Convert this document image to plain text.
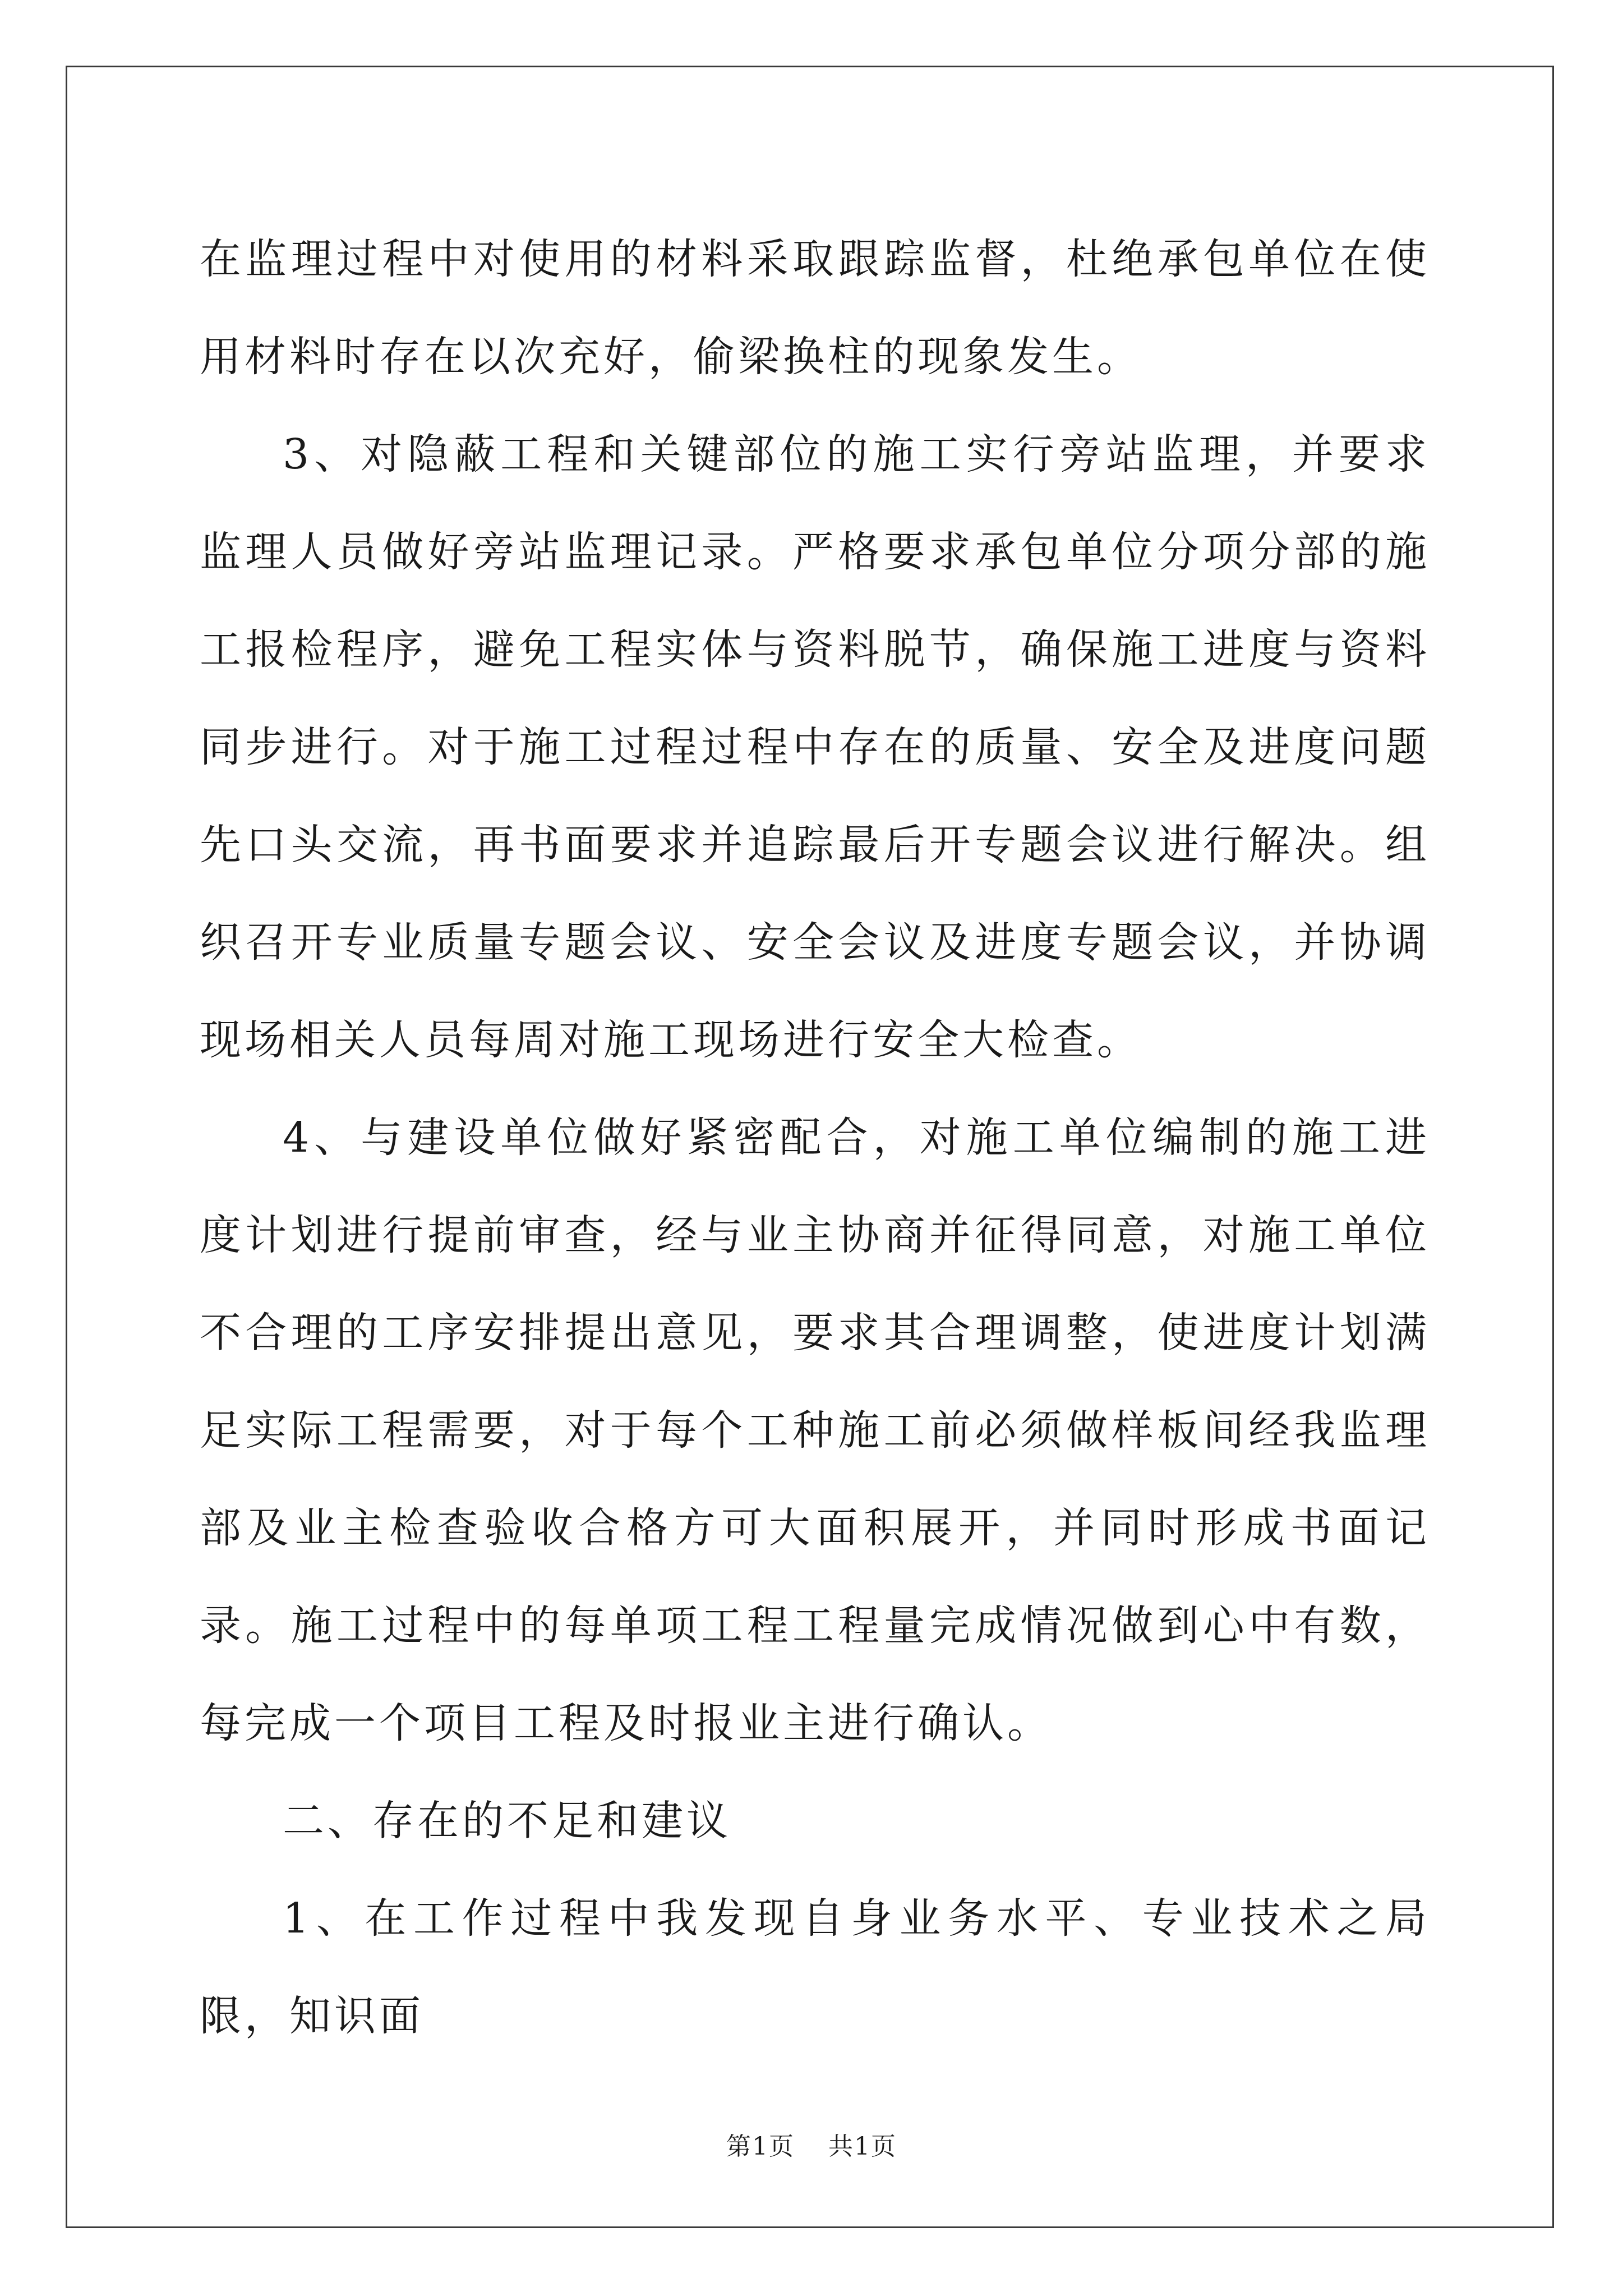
在监理过程中对使用的材料采取跟踪监督，杜绝承包单位在使用材料时存在以次充好，偷梁换柱的现象发生。

3、对隐蔽工程和关键部位的施工实行旁站监理，并要求监理人员做好旁站监理记录。严格要求承包单位分项分部的施工报检程序，避免工程实体与资料脱节，确保施工进度与资料同步进行。对于施工过程过程中存在的质量、安全及进度问题先口头交流，再书面要求并追踪最后开专题会议进行解决。组织召开专业质量专题会议、安全会议及进度专题会议，并协调现场相关人员每周对施工现场进行安全大检查。

4、与建设单位做好紧密配合，对施工单位编制的施工进度计划进行提前审查，经与业主协商并征得同意，对施工单位不合理的工序安排提出意见，要求其合理调整，使进度计划满足实际工程需要，对于每个工种施工前必须做样板间经我监理部及业主检查验收合格方可大面积展开，并同时形成书面记录。施工过程中的每单项工程工程量完成情况做到心中有数，每完成一个项目工程及时报业主进行确认。

二、存在的不足和建议

1、在工作过程中我发现自身业务水平、专业技术之局限，知识面

第1页 共1页
